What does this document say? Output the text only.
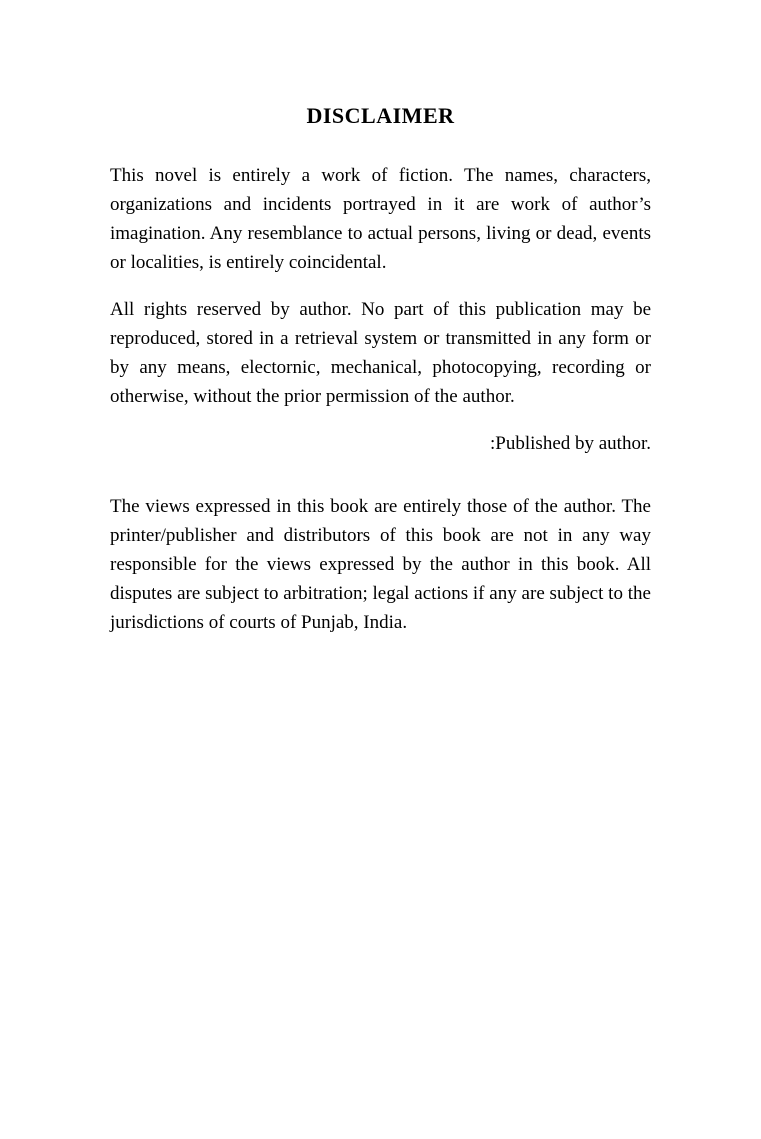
DISCLAIMER

This novel is entirely a work of fiction. The names, characters, organizations and incidents portrayed in it are work of author’s imagination. Any resemblance to actual persons, living or dead, events or localities, is entirely coincidental.

All rights reserved by author. No part of this publication may be reproduced, stored in a retrieval system or transmitted in any form or by any means, electornic, mechanical, photocopying, recording or otherwise, without the prior permission of the author.

:Published by author.

The views expressed in this book are entirely those of the author. The printer/publisher and distributors of this book are not in any way responsible for the views expressed by the author in this book. All disputes are subject to arbitration; legal actions if any are subject to the jurisdictions of courts of Punjab, India.
